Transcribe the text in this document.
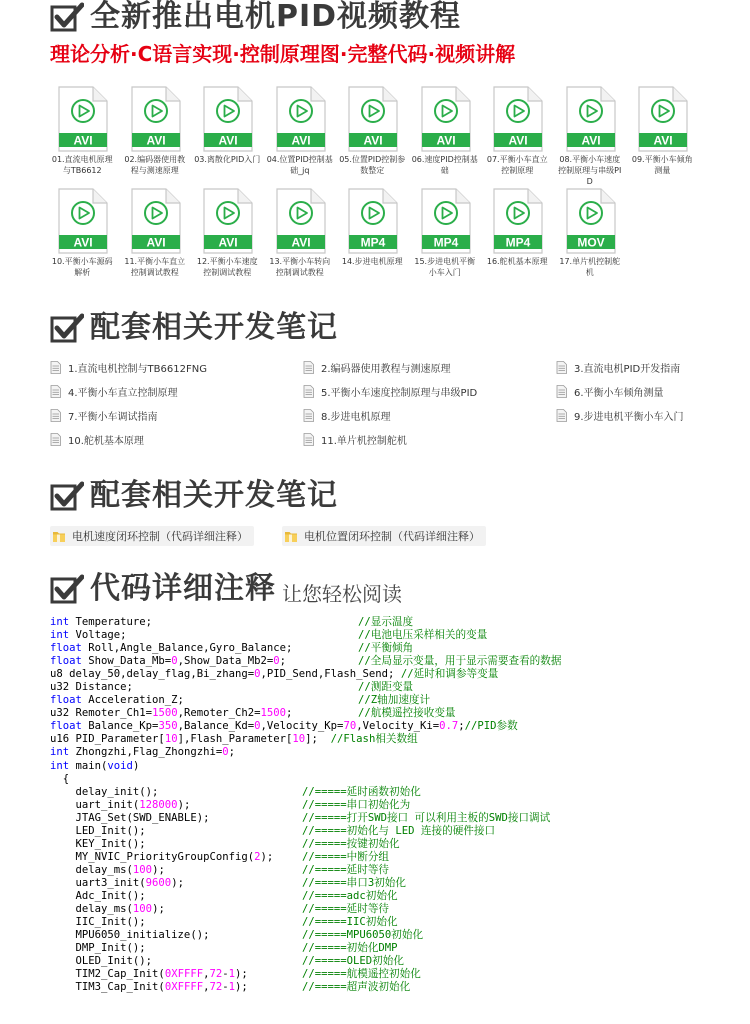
全新推出电机PID视频教程
理论分析·C语言实现·控制原理图·完整代码·视频讲解
AVI
01.直流电机原理与TB6612
AVI
02.编码器使用教程与测速原理
AVI
03.离散化PID入门
AVI
04.位置PID控制基础_jq
AVI
05.位置PID控制参数整定
AVI
06.速度PID控制基础
AVI
07.平衡小车直立控制原理
AVI
08.平衡小车速度控制原理与串级PID
AVI
09.平衡小车倾角测量
AVI
10.平衡小车源码解析
AVI
11.平衡小车直立控制调试教程
AVI
12.平衡小车速度控制调试教程
AVI
13.平衡小车转向控制调试教程
MP4
14.步进电机原理
MP4
15.步进电机平衡小车入门
MP4
16.舵机基本原理
MOV
17.单片机控制舵机
配套相关开发笔记
1.直流电机控制与TB6612FNG	2.编码器使用教程与测速原理	3.直流电机PID开发指南
4.平衡小车直立控制原理	5.平衡小车速度控制原理与串级PID	6.平衡小车倾角测量
7.平衡小车调试指南	8.步进电机原理	9.步进电机平衡小车入门
10.舵机基本原理	11.单片机控制舵机
配套相关开发笔记
电机速度闭环控制（代码详细注释）	电机位置闭环控制（代码详细注释）
代码详细注释 让您轻松阅读
int Temperature;	//显示温度
int Voltage;	//电池电压采样相关的变量
float Roll,Angle_Balance,Gyro_Balance;	//平衡倾角
float Show_Data_Mb=0,Show_Data_Mb2=0;	//全局显示变量，用于显示需要查看的数据
u8 delay_50,delay_flag,Bi_zhang=0,PID_Send,Flash_Send; //延时和调参等变量
u32 Distance;	//测距变量
float Acceleration_Z;	//Z轴加速度计
u32 Remoter_Ch1=1500,Remoter_Ch2=1500;	//航模遥控接收变量
float Balance_Kp=350,Balance_Kd=0,Velocity_Kp=70,Velocity_Ki=0.7;//PID参数
u16 PID_Parameter[10],Flash_Parameter[10];  //Flash相关数组
int Zhongzhi,Flag_Zhongzhi=0;
int main(void)
{
delay_init();	//=====延时函数初始化
uart_init(128000);	//=====串口初始化为
JTAG_Set(SWD_ENABLE);	//=====打开SWD接口 可以利用主板的SWD接口调试
LED_Init();	//=====初始化与 LED 连接的硬件接口
KEY_Init();	//=====按键初始化
MY_NVIC_PriorityGroupConfig(2);	//=====中断分组
delay_ms(100);	//=====延时等待
uart3_init(9600);	//=====串口3初始化
Adc_Init();	//=====adc初始化
delay_ms(100);	//=====延时等待
IIC_Init();	//=====IIC初始化
MPU6050_initialize();	//=====MPU6050初始化
DMP_Init();	//=====初始化DMP
OLED_Init();	//=====OLED初始化
TIM2_Cap_Init(0XFFFF,72-1);	//=====航模遥控初始化
TIM3_Cap_Init(0XFFFF,72-1);	//=====超声波初始化
